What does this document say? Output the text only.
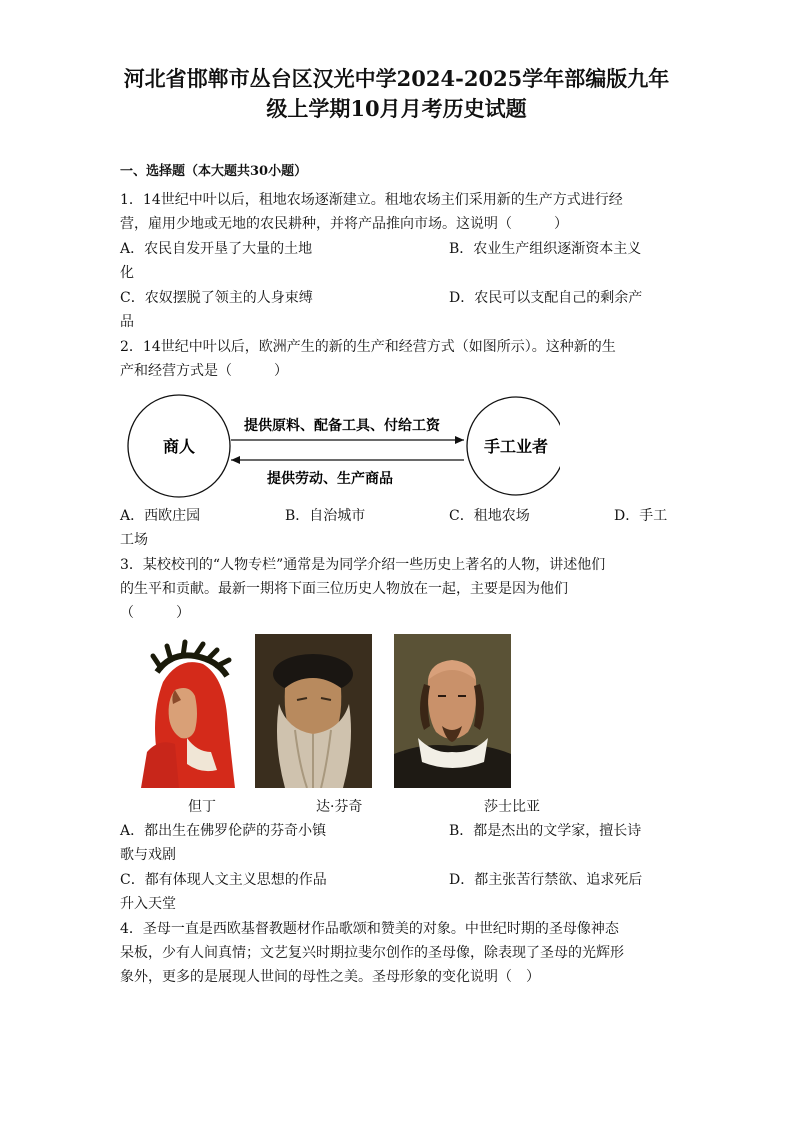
河北省邯郸市丛台区汉光中学2024-2025学年部编版九年
级上学期10月月考历史试题
一、选择题（本大题共30小题）
1．14世纪中叶以后，租地农场逐渐建立。租地农场主们采用新的生产方式进行经
营，雇用少地或无地的农民耕种，并将产品推向市场。这说明（　　　）
A．农民自发开垦了大量的土地	B．农业生产组织逐渐资本主义
化
C．农奴摆脱了领主的人身束缚	D．农民可以支配自己的剩余产
品
2．14世纪中叶以后，欧洲产生的新的生产和经营方式（如图所示）。这种新的生
产和经营方式是（　　　）
商人	手工业者
提供原料、配备工具、付给工资
提供劳动、生产商品
A．西欧庄园	B．自治城市	C．租地农场	D．手工
工场
3．某校校刊的“人物专栏”通常是为同学介绍一些历史上著名的人物，讲述他们
的生平和贡献。最新一期将下面三位历史人物放在一起，主要是因为他们
（　　　）
但丁	达·芬奇	莎士比亚
A．都出生在佛罗伦萨的芬奇小镇	B．都是杰出的文学家，擅长诗
歌与戏剧
C．都有体现人文主义思想的作品	D．都主张苦行禁欲、追求死后
升入天堂
4．圣母一直是西欧基督教题材作品歌颂和赞美的对象。中世纪时期的圣母像神态
呆板，少有人间真情；文艺复兴时期拉斐尔创作的圣母像，除表现了圣母的光辉形
象外，更多的是展现人世间的母性之美。圣母形象的变化说明（　）
